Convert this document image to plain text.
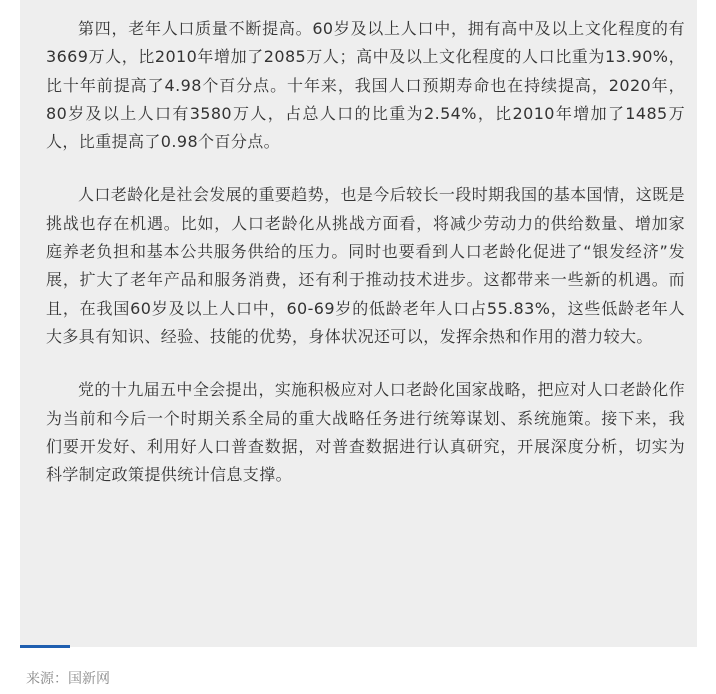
第四，老年人口质量不断提高。60岁及以上人口中，拥有高中及以上文化程度的有3669万人，比2010年增加了2085万人；高中及以上文化程度的人口比重为13.90%，比十年前提高了4.98个百分点。十年来，我国人口预期寿命也在持续提高，2020年，80岁及以上人口有3580万人，占总人口的比重为2.54%，比2010年增加了1485万人，比重提高了0.98个百分点。

人口老龄化是社会发展的重要趋势，也是今后较长一段时期我国的基本国情，这既是挑战也存在机遇。比如，人口老龄化从挑战方面看，将减少劳动力的供给数量、增加家庭养老负担和基本公共服务供给的压力。同时也要看到人口老龄化促进了“银发经济”发展，扩大了老年产品和服务消费，还有利于推动技术进步。这都带来一些新的机遇。而且，在我国60岁及以上人口中，60-69岁的低龄老年人口占55.83%，这些低龄老年人大多具有知识、经验、技能的优势，身体状况还可以，发挥余热和作用的潜力较大。

党的十九届五中全会提出，实施积极应对人口老龄化国家战略，把应对人口老龄化作为当前和今后一个时期关系全局的重大战略任务进行统筹谋划、系统施策。接下来，我们要开发好、利用好人口普查数据，对普查数据进行认真研究，开展深度分析，切实为科学制定政策提供统计信息支撑。

来源：国新网
